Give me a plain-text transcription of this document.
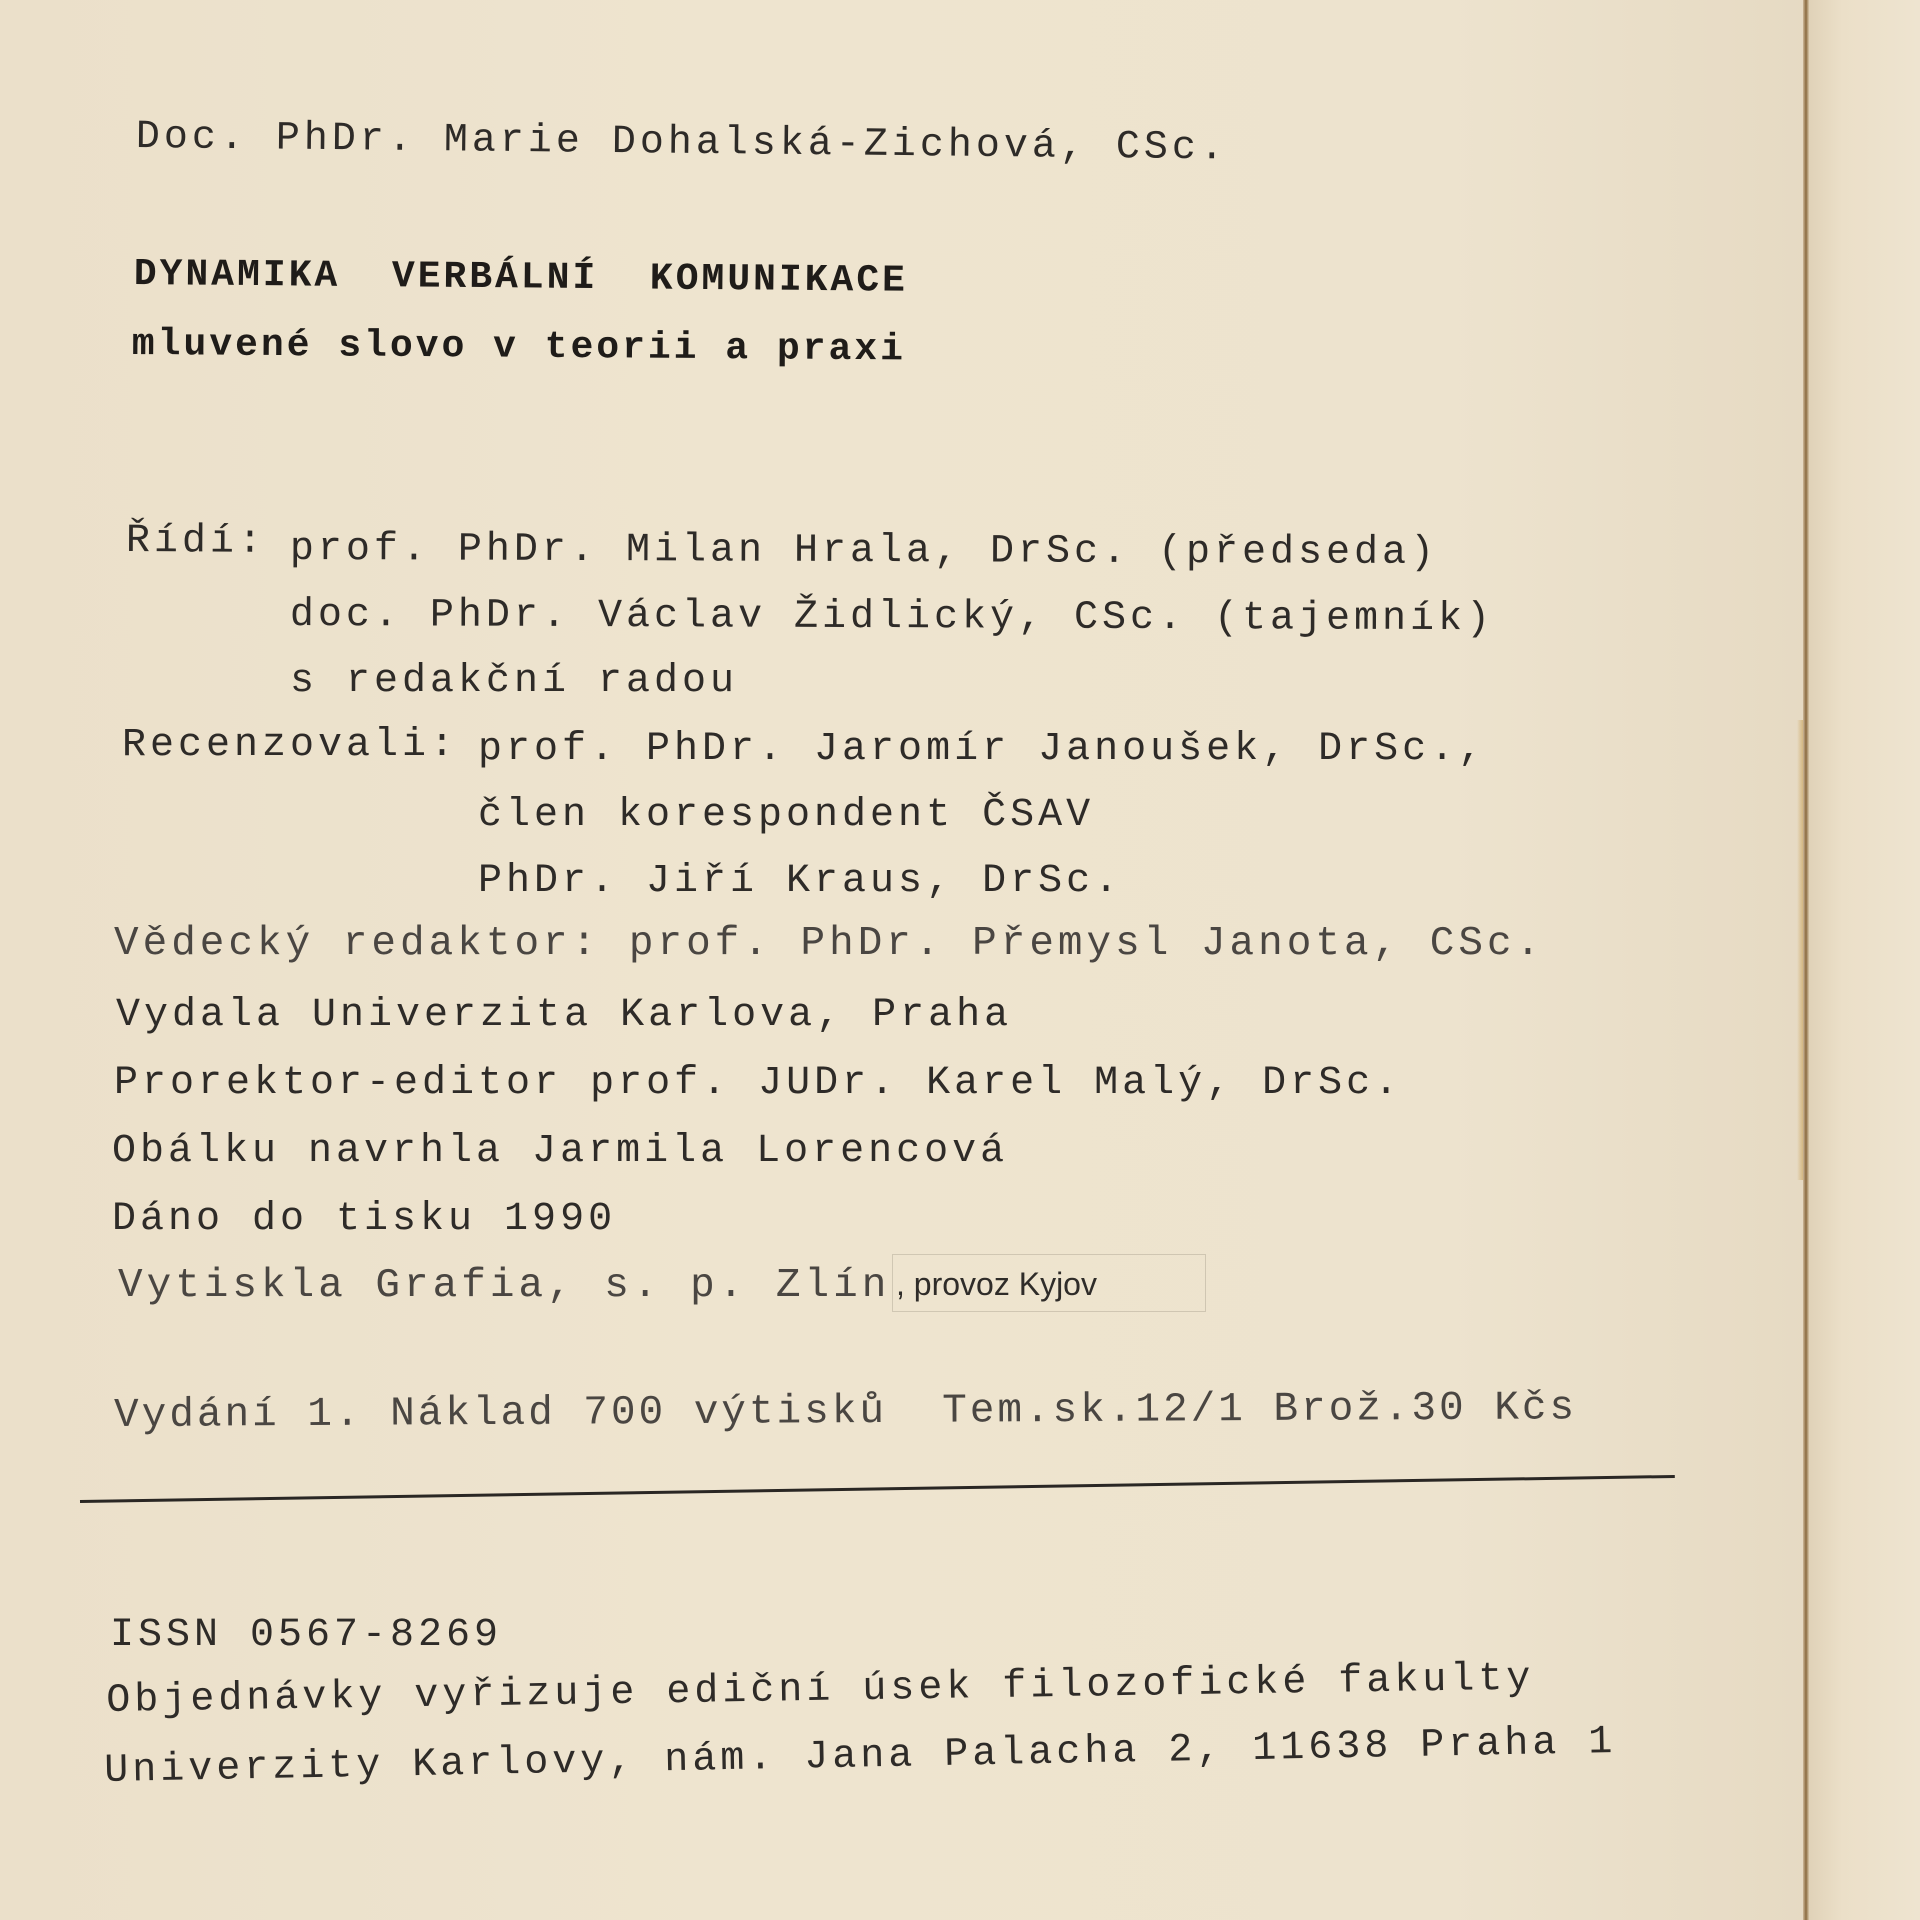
Doc. PhDr. Marie Dohalská-Zichová, CSc.
DYNAMIKA  VERBÁLNÍ  KOMUNIKACE
mluvené slovo v teorii a praxi
Řídí: prof. PhDr. Milan Hrala, DrSc. (předseda)
doc. PhDr. Václav Židlický, CSc. (tajemník)
s redakční radou
Recenzovali: prof. PhDr. Jaromír Janoušek, DrSc.,
člen korespondent ČSAV
PhDr. Jiří Kraus, DrSc.
Vědecký redaktor: prof. PhDr. Přemysl Janota, CSc.
Vydala Univerzita Karlova, Praha
Prorektor-editor prof. JUDr. Karel Malý, DrSc.
Obálku navrhla Jarmila Lorencová
Dáno do tisku 1990
Vytiskla Grafia, s. p. Zlín , provoz Kyjov
Vydání 1. Náklad 700 výtisků  Tem.sk.12/1 Brož.30 Kčs
ISSN 0567-8269
Objednávky vyřizuje ediční úsek filozofické fakulty
Univerzity Karlovy, nám. Jana Palacha 2, 11638 Praha 1
